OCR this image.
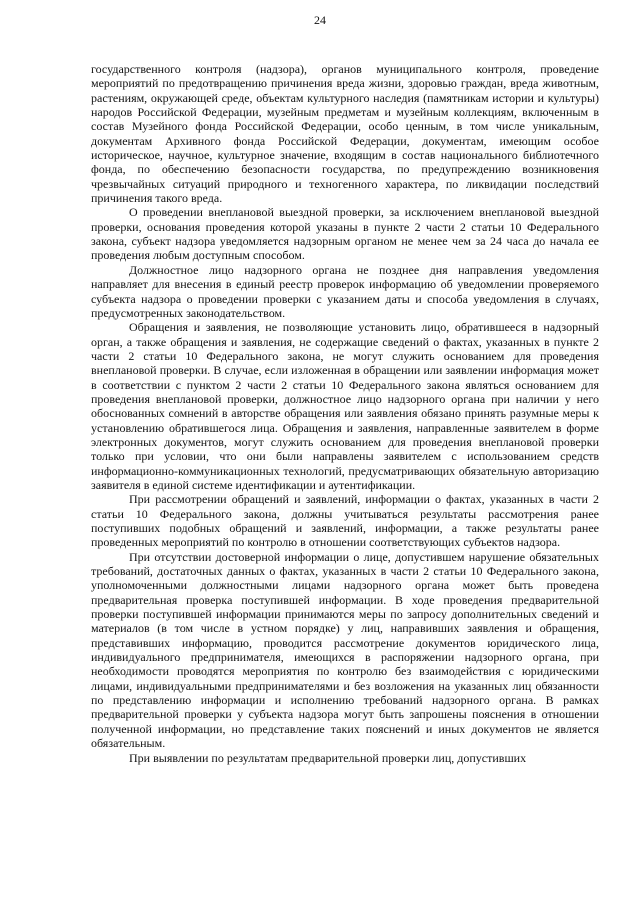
24

государственного контроля (надзора), органов муниципального контроля, проведение мероприятий по предотвращению причинения вреда жизни, здоровью граждан, вреда животным, растениям, окружающей среде, объектам культурного наследия (памятникам истории и культуры) народов Российской Федерации, музейным предметам и музейным коллекциям, включенным в состав Музейного фонда Российской Федерации, особо ценным, в том числе уникальным, документам Архивного фонда Российской Федерации, документам, имеющим особое историческое, научное, культурное значение, входящим в состав национального библиотечного фонда, по обеспечению безопасности государства, по предупреждению возникновения чрезвычайных ситуаций природного и техногенного характера, по ликвидации последствий причинения такого вреда.

О проведении внеплановой выездной проверки, за исключением внеплановой выездной проверки, основания проведения которой указаны в пункте 2 части 2 статьи 10 Федерального закона, субъект надзора уведомляется надзорным органом не менее чем за 24 часа до начала ее проведения любым доступным способом.

Должностное лицо надзорного органа не позднее дня направления уведомления направляет для внесения в единый реестр проверок информацию об уведомлении проверяемого субъекта надзора о проведении проверки с указанием даты и способа уведомления в случаях, предусмотренных законодательством.

Обращения и заявления, не позволяющие установить лицо, обратившееся в надзорный орган, а также обращения и заявления, не содержащие сведений о фактах, указанных в пункте 2 части 2 статьи 10 Федерального закона, не могут служить основанием для проведения внеплановой проверки. В случае, если изложенная в обращении или заявлении информация может в соответствии с пунктом 2 части 2 статьи 10 Федерального закона являться основанием для проведения внеплановой проверки, должностное лицо надзорного органа при наличии у него обоснованных сомнений в авторстве обращения или заявления обязано принять разумные меры к установлению обратившегося лица. Обращения и заявления, направленные заявителем в форме электронных документов, могут служить основанием для проведения внеплановой проверки только при условии, что они были направлены заявителем с использованием средств информационно-коммуникационных технологий, предусматривающих обязательную авторизацию заявителя в единой системе идентификации и аутентификации.

При рассмотрении обращений и заявлений, информации о фактах, указанных в части 2 статьи 10 Федерального закона, должны учитываться результаты рассмотрения ранее поступивших подобных обращений и заявлений, информации, а также результаты ранее проведенных мероприятий по контролю в отношении соответствующих субъектов надзора.

При отсутствии достоверной информации о лице, допустившем нарушение обязательных требований, достаточных данных о фактах, указанных в части 2 статьи 10 Федерального закона, уполномоченными должностными лицами надзорного органа может быть проведена предварительная проверка поступившей информации. В ходе проведения предварительной проверки поступившей информации принимаются меры по запросу дополнительных сведений и материалов (в том числе в устном порядке) у лиц, направивших заявления и обращения, представивших информацию, проводится рассмотрение документов юридического лица, индивидуального предпринимателя, имеющихся в распоряжении надзорного органа, при необходимости проводятся мероприятия по контролю без взаимодействия с юридическими лицами, индивидуальными предпринимателями и без возложения на указанных лиц обязанности по представлению информации и исполнению требований надзорного органа. В рамках предварительной проверки у субъекта надзора могут быть запрошены пояснения в отношении полученной информации, но представление таких пояснений и иных документов не является обязательным.

При выявлении по результатам предварительной проверки лиц, допустивших
